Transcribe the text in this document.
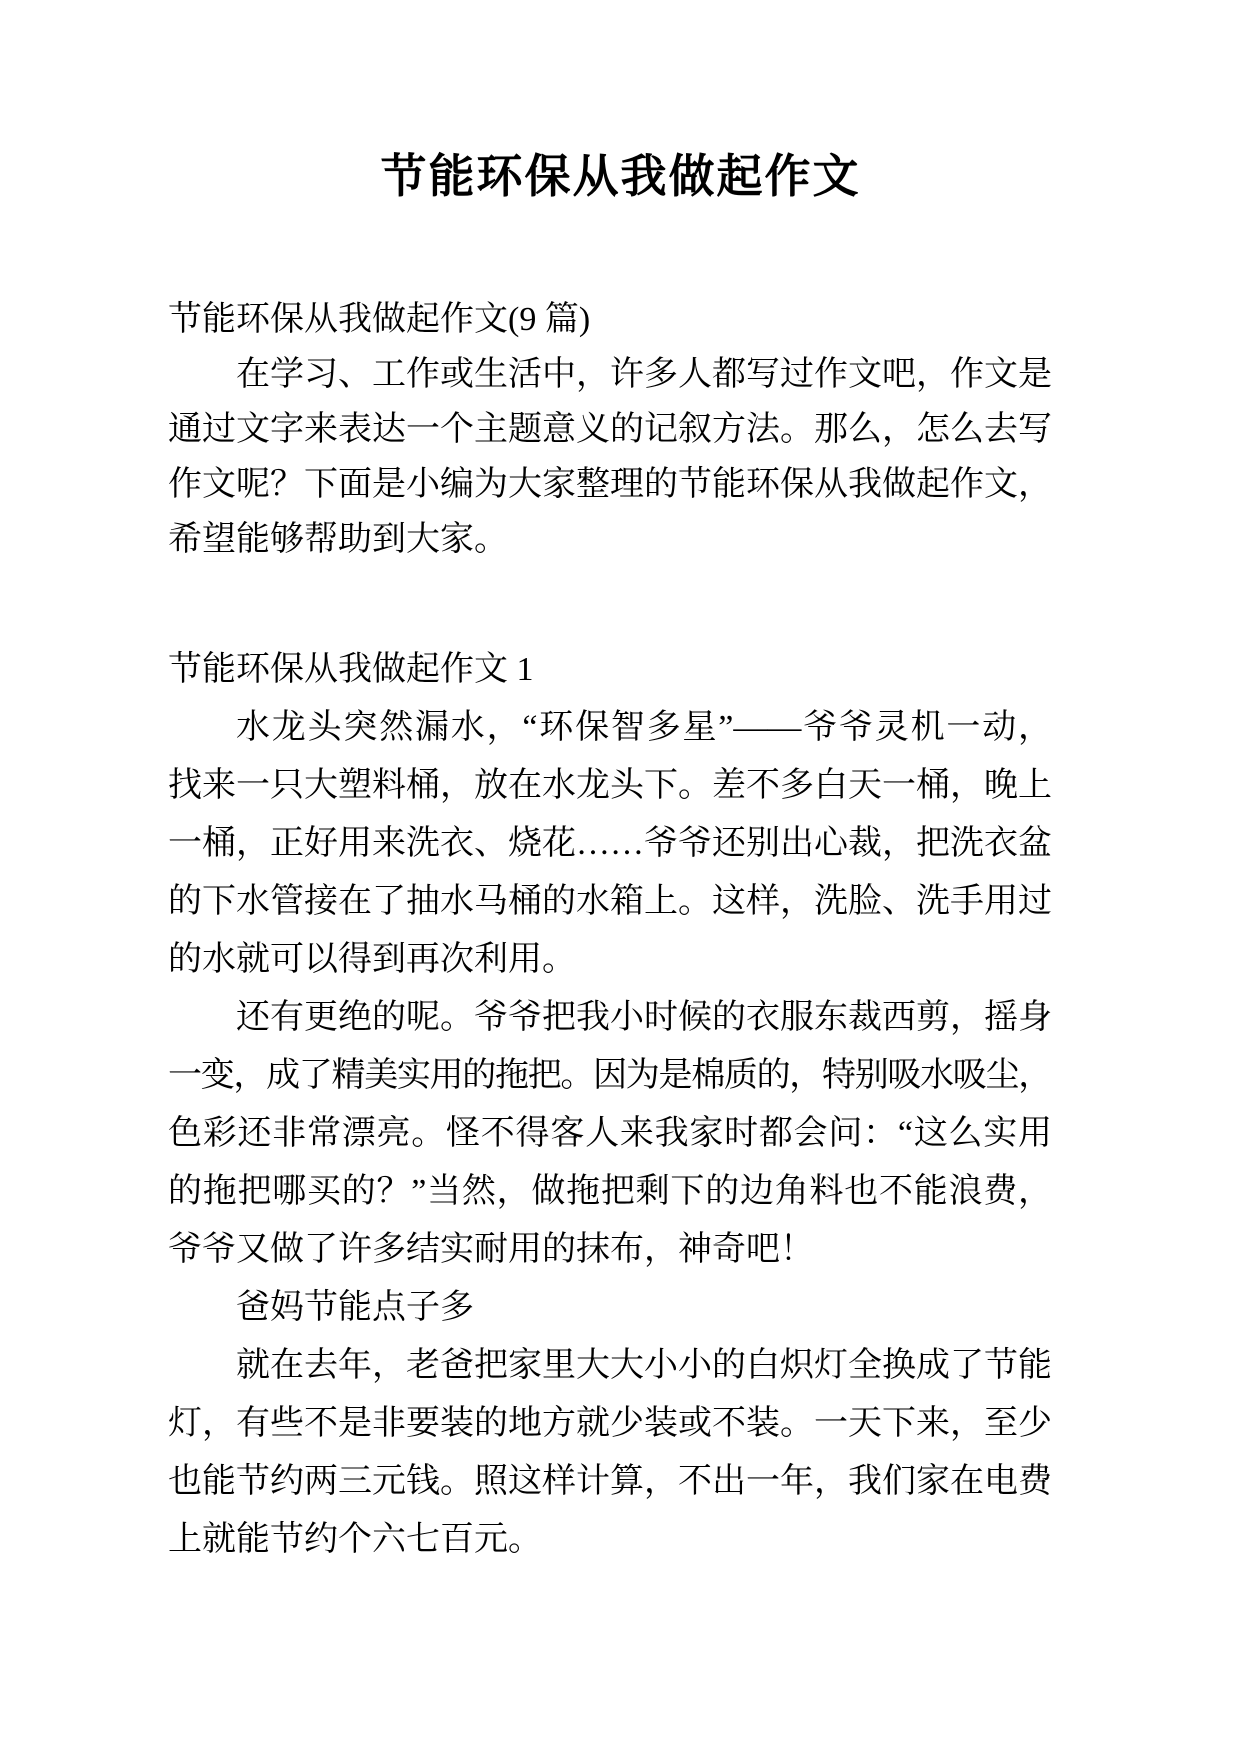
节能环保从我做起作文
节能环保从我做起作文(9 篇)
在学习、工作或生活中，许多人都写过作文吧，作文是
通过文字来表达一个主题意义的记叙方法。那么，怎么去写
作文呢？下面是小编为大家整理的节能环保从我做起作文，
希望能够帮助到大家。
节能环保从我做起作文 1
水龙头突然漏水，“环保智多星”——爷爷灵机一动，
找来一只大塑料桶，放在水龙头下。差不多白天一桶，晚上
一桶，正好用来洗衣、烧花……爷爷还别出心裁，把洗衣盆
的下水管接在了抽水马桶的水箱上。这样，洗脸、洗手用过
的水就可以得到再次利用。
还有更绝的呢。爷爷把我小时候的衣服东裁西剪，摇身
一变，成了精美实用的拖把。因为是棉质的，特别吸水吸尘，
色彩还非常漂亮。怪不得客人来我家时都会问：“这么实用
的拖把哪买的？”当然，做拖把剩下的边角料也不能浪费，
爷爷又做了许多结实耐用的抹布，神奇吧！
爸妈节能点子多
就在去年，老爸把家里大大小小的白炽灯全换成了节能
灯，有些不是非要装的地方就少装或不装。一天下来，至少
也能节约两三元钱。照这样计算，不出一年，我们家在电费
上就能节约个六七百元。
